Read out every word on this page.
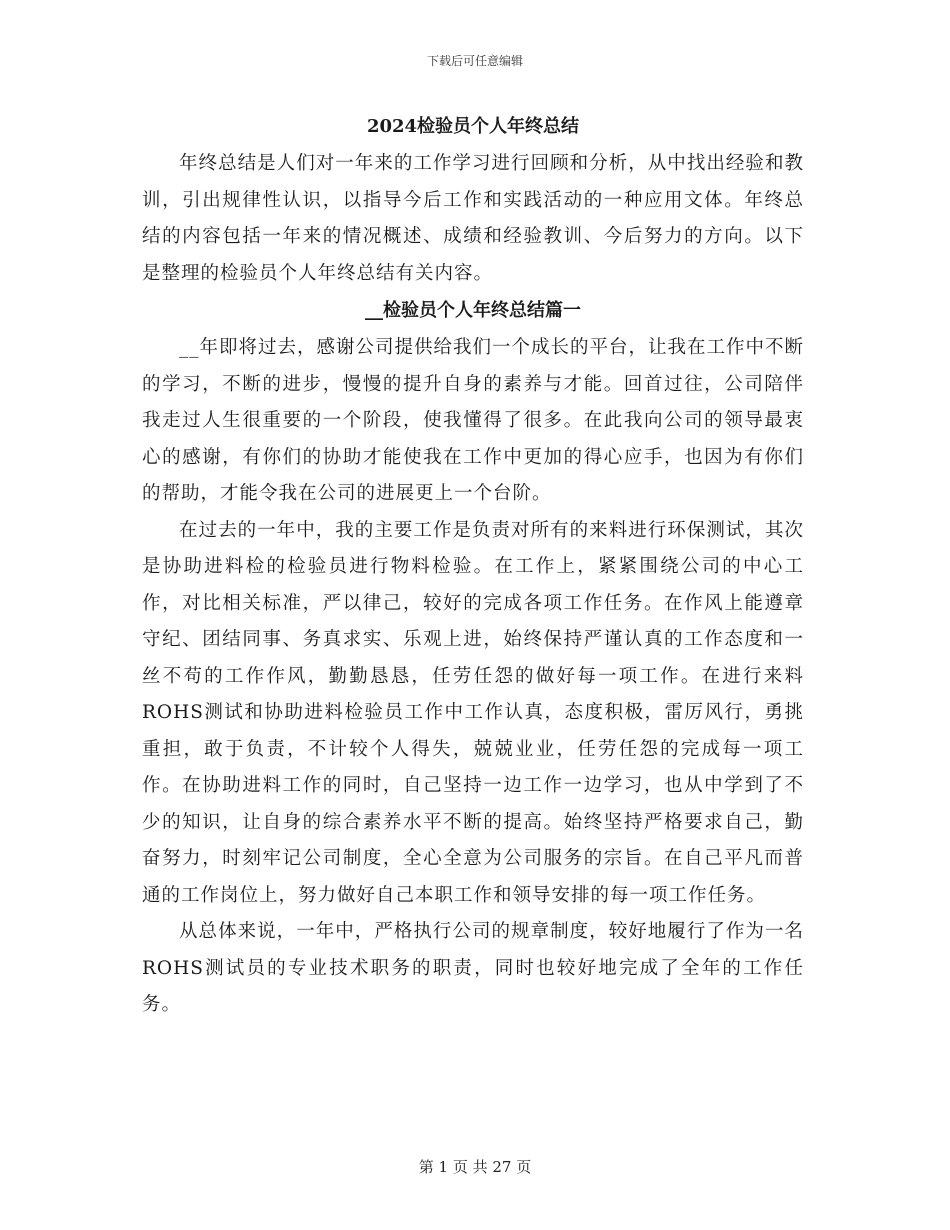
下载后可任意编辑

2024检验员个人年终总结

年终总结是人们对一年来的工作学习进行回顾和分析，从中找出经验和教训，引出规律性认识，以指导今后工作和实践活动的一种应用文体。年终总结的内容包括一年来的情况概述、成绩和经验教训、今后努力的方向。以下是整理的检验员个人年终总结有关内容。

__检验员个人年终总结篇一

__年即将过去，感谢公司提供给我们一个成长的平台，让我在工作中不断的学习，不断的进步，慢慢的提升自身的素养与才能。回首过往，公司陪伴我走过人生很重要的一个阶段，使我懂得了很多。在此我向公司的领导最衷心的感谢，有你们的协助才能使我在工作中更加的得心应手，也因为有你们的帮助，才能令我在公司的进展更上一个台阶。

在过去的一年中，我的主要工作是负责对所有的来料进行环保测试，其次是协助进料检的检验员进行物料检验。在工作上，紧紧围绕公司的中心工作，对比相关标准，严以律己，较好的完成各项工作任务。在作风上能遵章守纪、团结同事、务真求实、乐观上进，始终保持严谨认真的工作态度和一丝不苟的工作作风，勤勤恳恳，任劳任怨的做好每一项工作。在进行来料ROHS测试和协助进料检验员工作中工作认真，态度积极，雷厉风行，勇挑重担，敢于负责，不计较个人得失，兢兢业业，任劳任怨的完成每一项工作。在协助进料工作的同时，自己坚持一边工作一边学习，也从中学到了不少的知识，让自身的综合素养水平不断的提高。始终坚持严格要求自己，勤奋努力，时刻牢记公司制度，全心全意为公司服务的宗旨。在自己平凡而普通的工作岗位上，努力做好自己本职工作和领导安排的每一项工作任务。

从总体来说，一年中，严格执行公司的规章制度，较好地履行了作为一名ROHS测试员的专业技术职务的职责，同时也较好地完成了全年的工作任务。

第 1 页 共 27 页
